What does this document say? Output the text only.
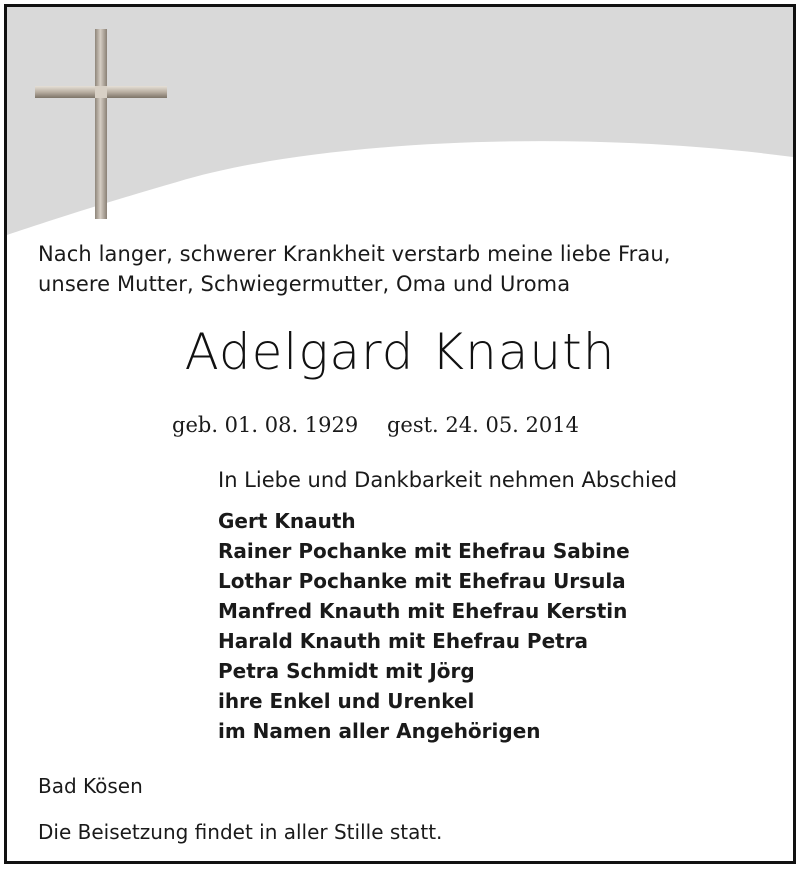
Nach langer, schwerer Krankheit verstarb meine liebe Frau,
unsere Mutter, Schwiegermutter, Oma und Uroma
Adelgard Knauth
geb. 01. 08. 1929 gest. 24. 05. 2014
In Liebe und Dankbarkeit nehmen Abschied
Gert Knauth
Rainer Pochanke mit Ehefrau Sabine
Lothar Pochanke mit Ehefrau Ursula
Manfred Knauth mit Ehefrau Kerstin
Harald Knauth mit Ehefrau Petra
Petra Schmidt mit Jörg
ihre Enkel und Urenkel
im Namen aller Angehörigen
Bad Kösen
Die Beisetzung findet in aller Stille statt.
